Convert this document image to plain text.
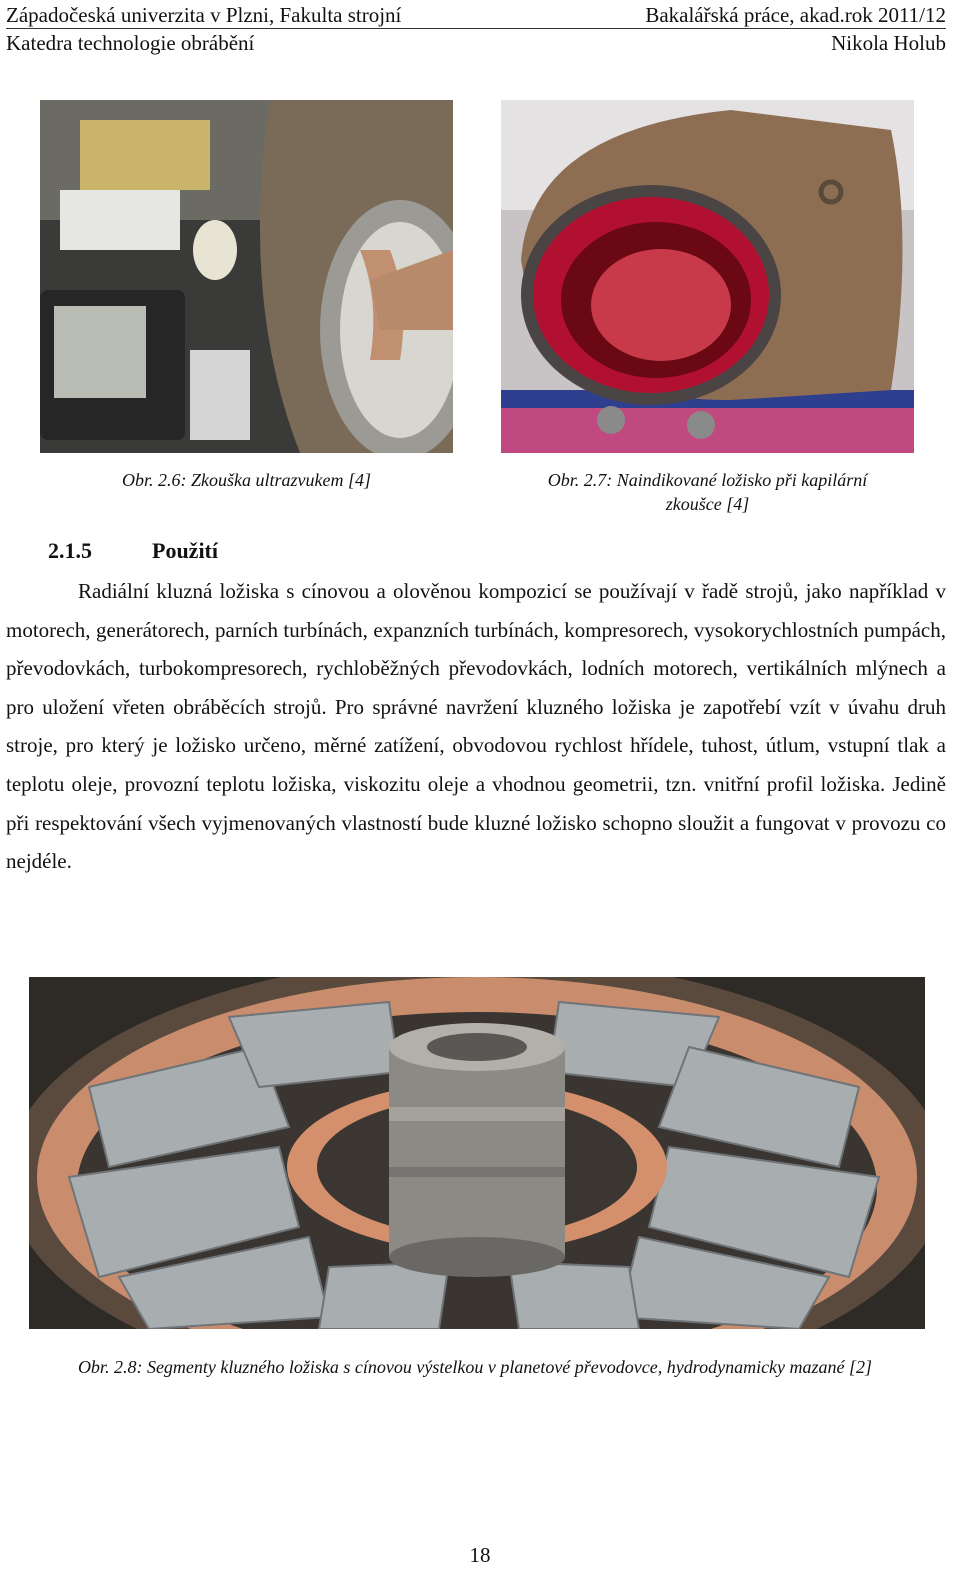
Západočeská univerzita v Plzni, Fakulta strojní	Bakalářská práce, akad.rok 2011/12
Katedra technologie obrábění	Nikola Holub
Obr. 2.6: Zkouška ultrazvukem [4]	Obr. 2.7: Naindikované ložisko při kapilární
zkoušce [4]
2.1.5	Použití

Radiální kluzná ložiska s cínovou a olověnou kompozicí se používají v řadě strojů, jako například v motorech, generátorech, parních turbínách, expanzních turbínách, kompresorech, vysokorychlostních pumpách, převodovkách, turbokompresorech, rychloběžných převodovkách, lodních motorech, vertikálních mlýnech a pro uložení vřeten obráběcích strojů. Pro správné navržení kluzného ložiska je zapotřebí vzít v úvahu druh stroje, pro který je ložisko určeno, měrné zatížení, obvodovou rychlost hřídele, tuhost, útlum, vstupní tlak a teplotu oleje, provozní teplotu ložiska, viskozitu oleje a vhodnou geometrii, tzn. vnitřní profil ložiska. Jedině při respektování všech vyjmenovaných vlastností bude kluzné ložisko schopno sloužit a fungovat v provozu co nejdéle.

Obr. 2.8: Segmenty kluzného ložiska s cínovou výstelkou v planetové převodovce, hydrodynamicky mazané [2]
18
